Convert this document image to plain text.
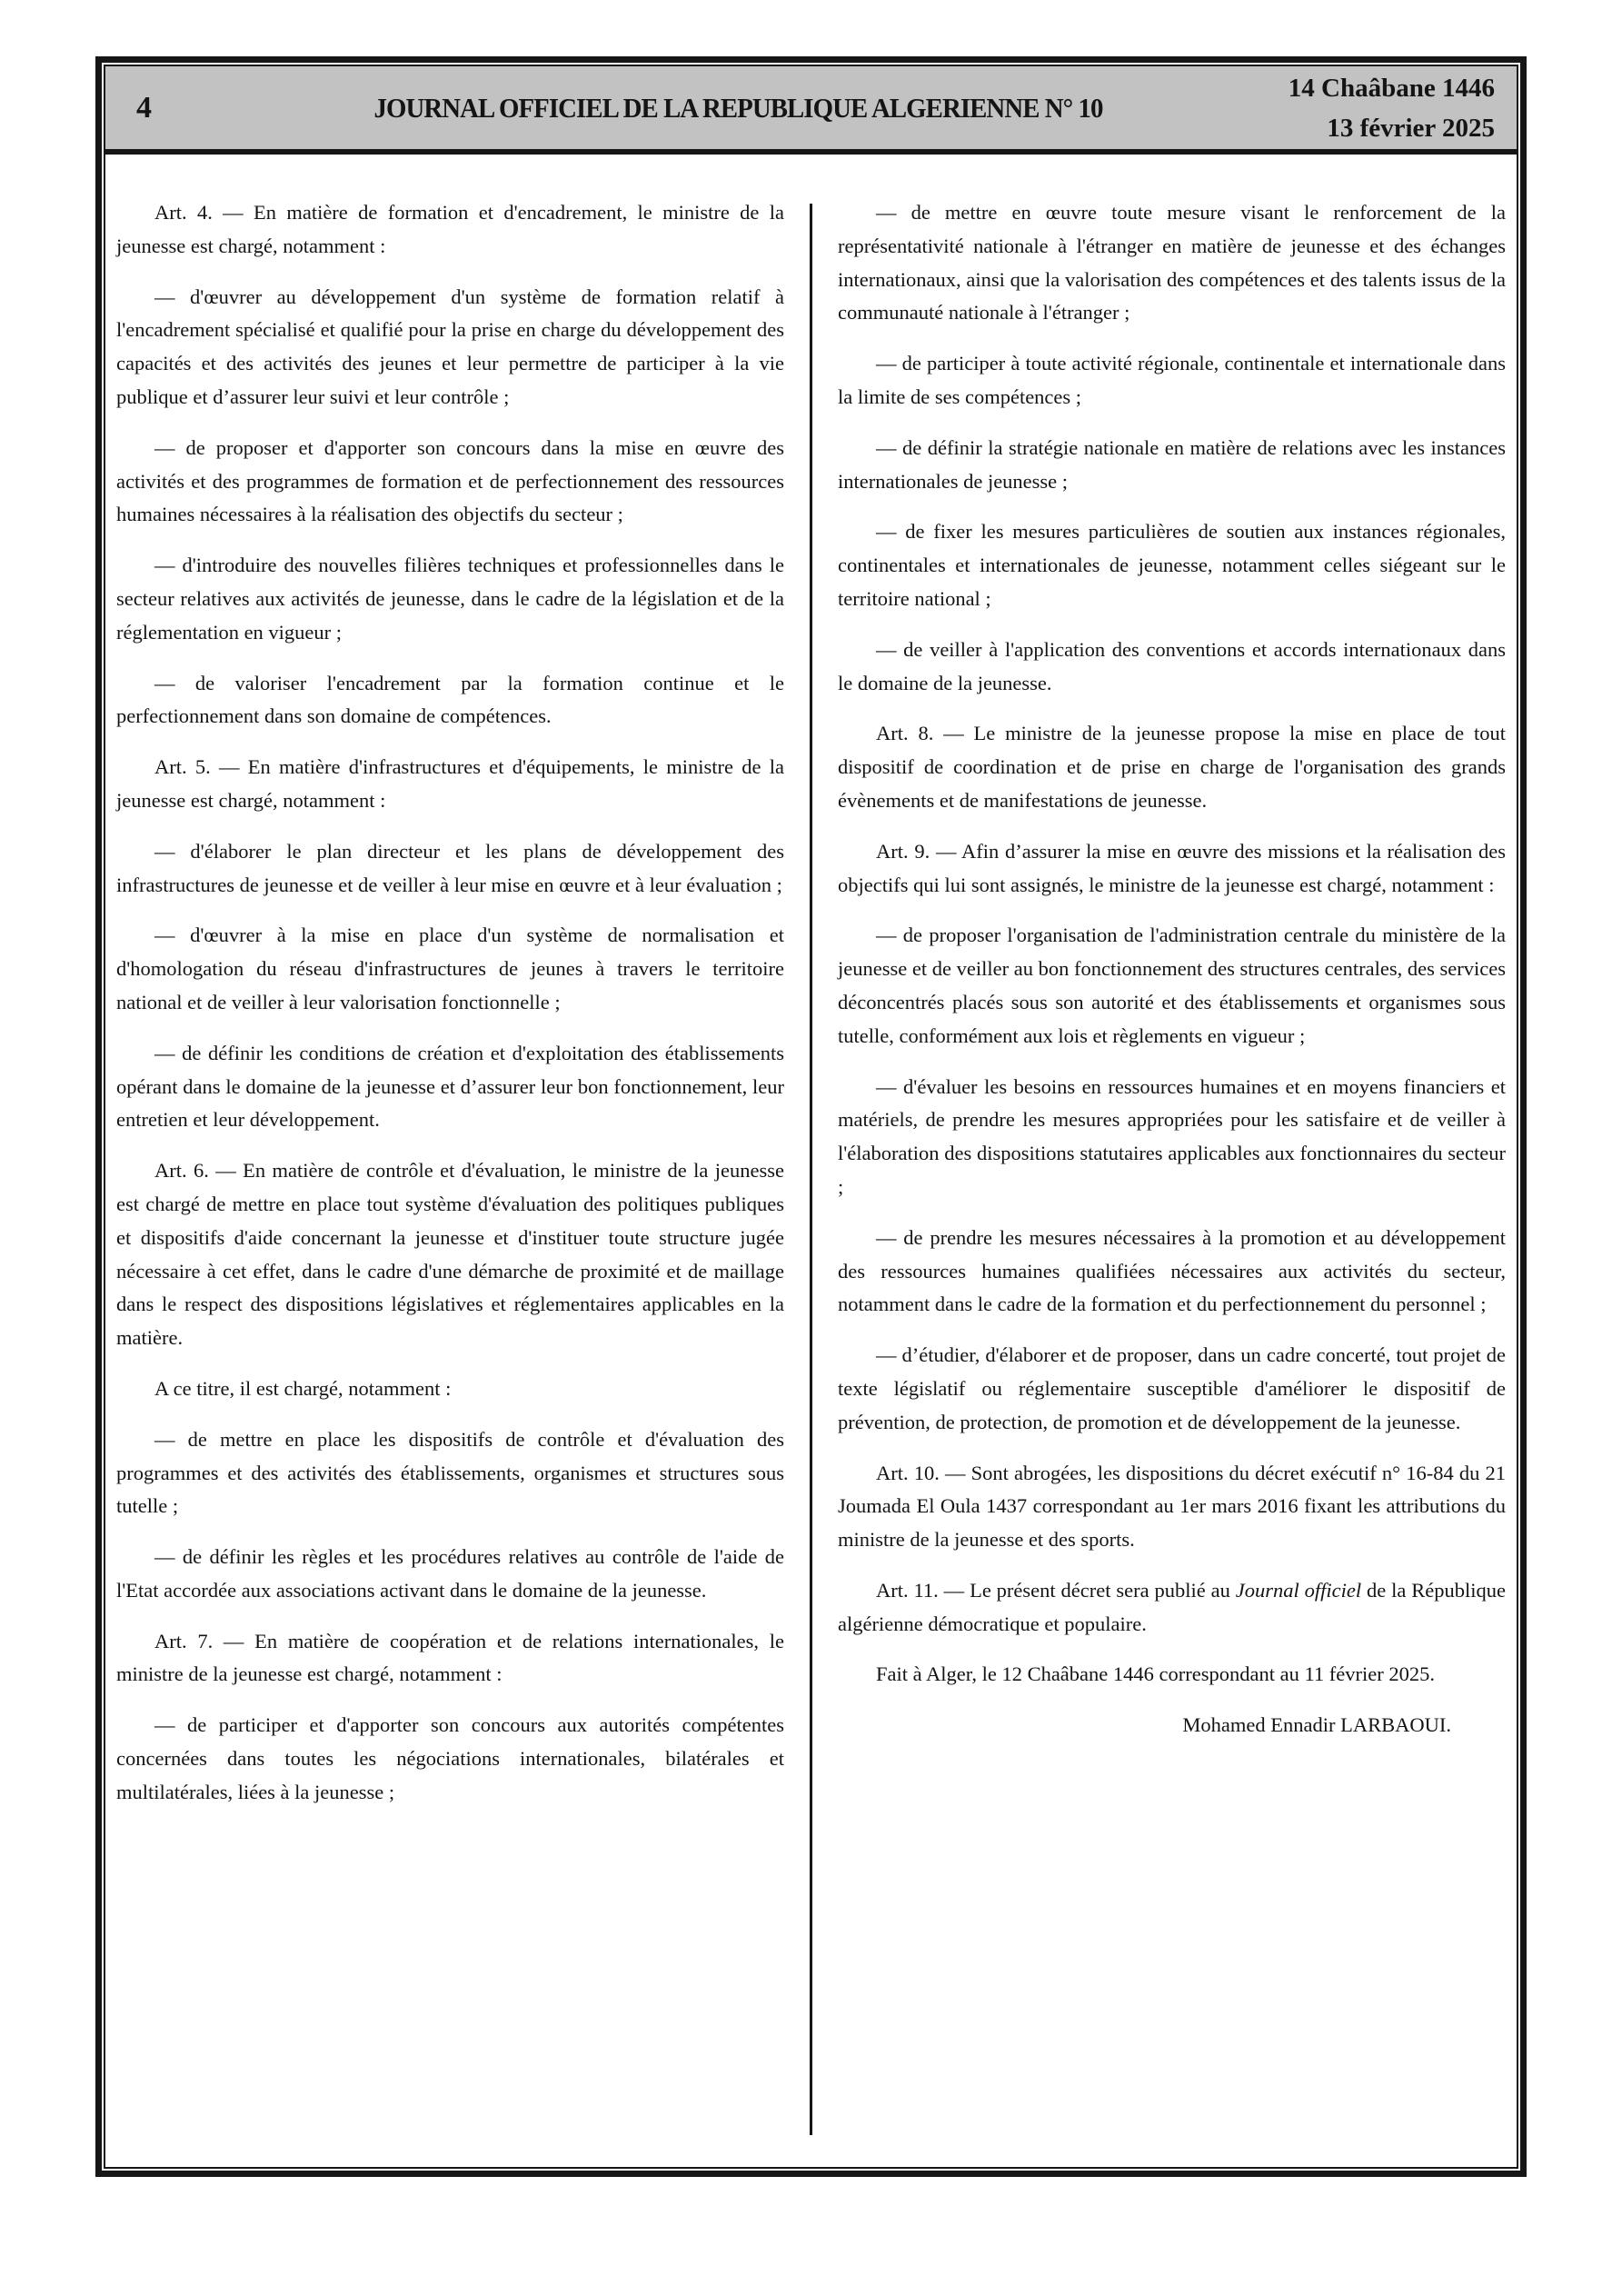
4	JOURNAL OFFICIEL DE LA REPUBLIQUE ALGERIENNE N° 10
14 Chaâbane 1446
13 février 2025

Art. 4. — En matière de formation et d'encadrement, le ministre de la jeunesse est chargé, notamment :

— d'œuvrer au développement d'un système de formation relatif à l'encadrement spécialisé et qualifié pour la prise en charge du développement des capacités et des activités des jeunes et leur permettre de participer à la vie publique et d’assurer leur suivi et leur contrôle ;

— de proposer et d'apporter son concours dans la mise en œuvre des activités et des programmes de formation et de perfectionnement des ressources humaines nécessaires à la réalisation des objectifs du secteur ;

— d'introduire des nouvelles filières techniques et professionnelles dans le secteur relatives aux activités de jeunesse, dans le cadre de la législation et de la réglementation en vigueur ;

— de valoriser l'encadrement par la formation continue et le perfectionnement dans son domaine de compétences.

Art. 5. — En matière d'infrastructures et d'équipements, le ministre de la jeunesse est chargé, notamment :

— d'élaborer le plan directeur et les plans de développement des infrastructures de jeunesse et de veiller à leur mise en œuvre et à leur évaluation ;

— d'œuvrer à la mise en place d'un système de normalisation et d'homologation du réseau d'infrastructures de jeunes à travers le territoire national et de veiller à leur valorisation fonctionnelle ;

— de définir les conditions de création et d'exploitation des établissements opérant dans le domaine de la jeunesse et d’assurer leur bon fonctionnement, leur entretien et leur développement.

Art. 6. — En matière de contrôle et d'évaluation, le ministre de la jeunesse est chargé de mettre en place tout système d'évaluation des politiques publiques et dispositifs d'aide concernant la jeunesse et d'instituer toute structure jugée nécessaire à cet effet, dans le cadre d'une démarche de proximité et de maillage dans le respect des dispositions législatives et réglementaires applicables en la matière.

A ce titre, il est chargé, notamment :

— de mettre en place les dispositifs de contrôle et d'évaluation des programmes et des activités des établissements, organismes et structures sous tutelle ;

— de définir les règles et les procédures relatives au contrôle de l'aide de l'Etat accordée aux associations activant dans le domaine de la jeunesse.

Art. 7. — En matière de coopération et de relations internationales, le ministre de la jeunesse est chargé, notamment :

— de participer et d'apporter son concours aux autorités compétentes concernées dans toutes les négociations internationales, bilatérales et multilatérales, liées à la jeunesse ;

— de mettre en œuvre toute mesure visant le renforcement de la représentativité nationale à l'étranger en matière de jeunesse et des échanges internationaux, ainsi que la valorisation des compétences et des talents issus de la communauté nationale à l'étranger ;

— de participer à toute activité régionale, continentale et internationale dans la limite de ses compétences ;

— de définir la stratégie nationale en matière de relations avec les instances internationales de jeunesse ;

— de fixer les mesures particulières de soutien aux instances régionales, continentales et internationales de jeunesse, notamment celles siégeant sur le territoire national ;

— de veiller à l'application des conventions et accords internationaux dans le domaine de la jeunesse.

Art. 8. — Le ministre de la jeunesse propose la mise en place de tout dispositif de coordination et de prise en charge de l'organisation des grands évènements et de manifestations de jeunesse.

Art. 9. — Afin d’assurer la mise en œuvre des missions et la réalisation des objectifs qui lui sont assignés, le ministre de la jeunesse est chargé, notamment :

— de proposer l'organisation de l'administration centrale du ministère de la jeunesse et de veiller au bon fonctionnement des structures centrales, des services déconcentrés placés sous son autorité et des établissements et organismes sous tutelle, conformément aux lois et règlements en vigueur ;

— d'évaluer les besoins en ressources humaines et en moyens financiers et matériels, de prendre les mesures appropriées pour les satisfaire et de veiller à l'élaboration des dispositions statutaires applicables aux fonctionnaires du secteur ;

— de prendre les mesures nécessaires à la promotion et au développement des ressources humaines qualifiées nécessaires aux activités du secteur, notamment dans le cadre de la formation et du perfectionnement du personnel ;

— d’étudier, d'élaborer et de proposer, dans un cadre concerté, tout projet de texte législatif ou réglementaire susceptible d'améliorer le dispositif de prévention, de protection, de promotion et de développement de la jeunesse.

Art. 10. — Sont abrogées, les dispositions du décret exécutif n° 16-84 du 21 Joumada El Oula 1437 correspondant au 1er mars 2016 fixant les attributions du ministre de la jeunesse et des sports.

Art. 11. — Le présent décret sera publié au Journal officiel de la République algérienne démocratique et populaire.

Fait à Alger, le 12 Chaâbane 1446 correspondant au 11 février 2025.

Mohamed Ennadir LARBAOUI.
